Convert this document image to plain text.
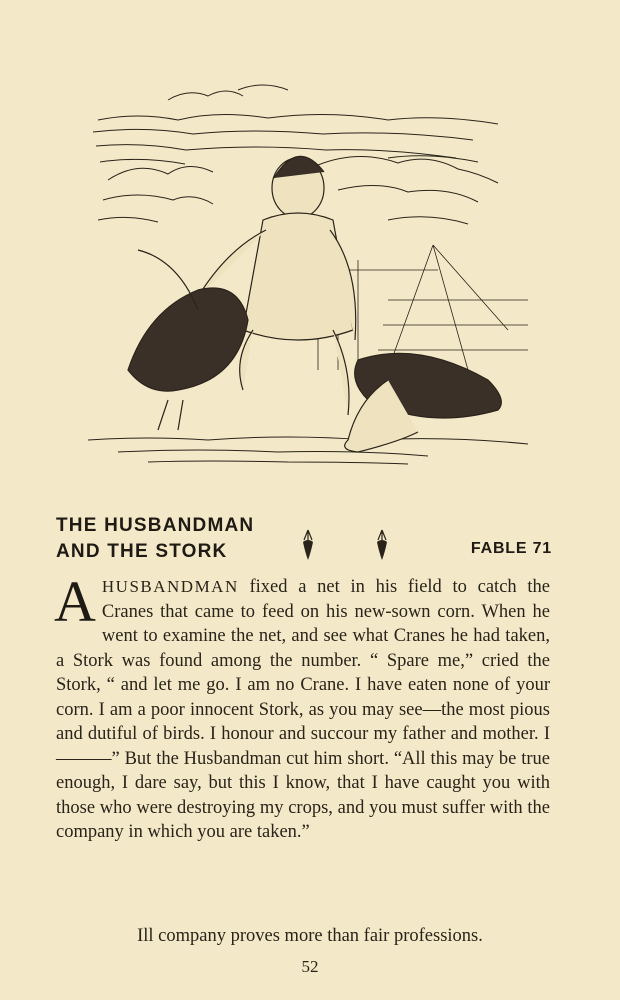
THE HUSBANDMAN
AND THE STORK	FABLE 71

AHUSBANDMAN fixed a net in his field to catch the Cranes that came to feed on his new-sown corn. When he went to examine the net, and see what Cranes he had taken, a Stork was found among the number. “ Spare me,” cried the Stork, “ and let me go. I am no Crane. I have eaten none of your corn. I am a poor innocent Stork, as you may see—the most pious and dutiful of birds. I honour and succour my father and mother. I———” But the Husbandman cut him short. “All this may be true enough, I dare say, but this I know, that I have caught you with those who were destroying my crops, and you must suffer with the company in which you are taken.”

Ill company proves more than fair professions.
52
